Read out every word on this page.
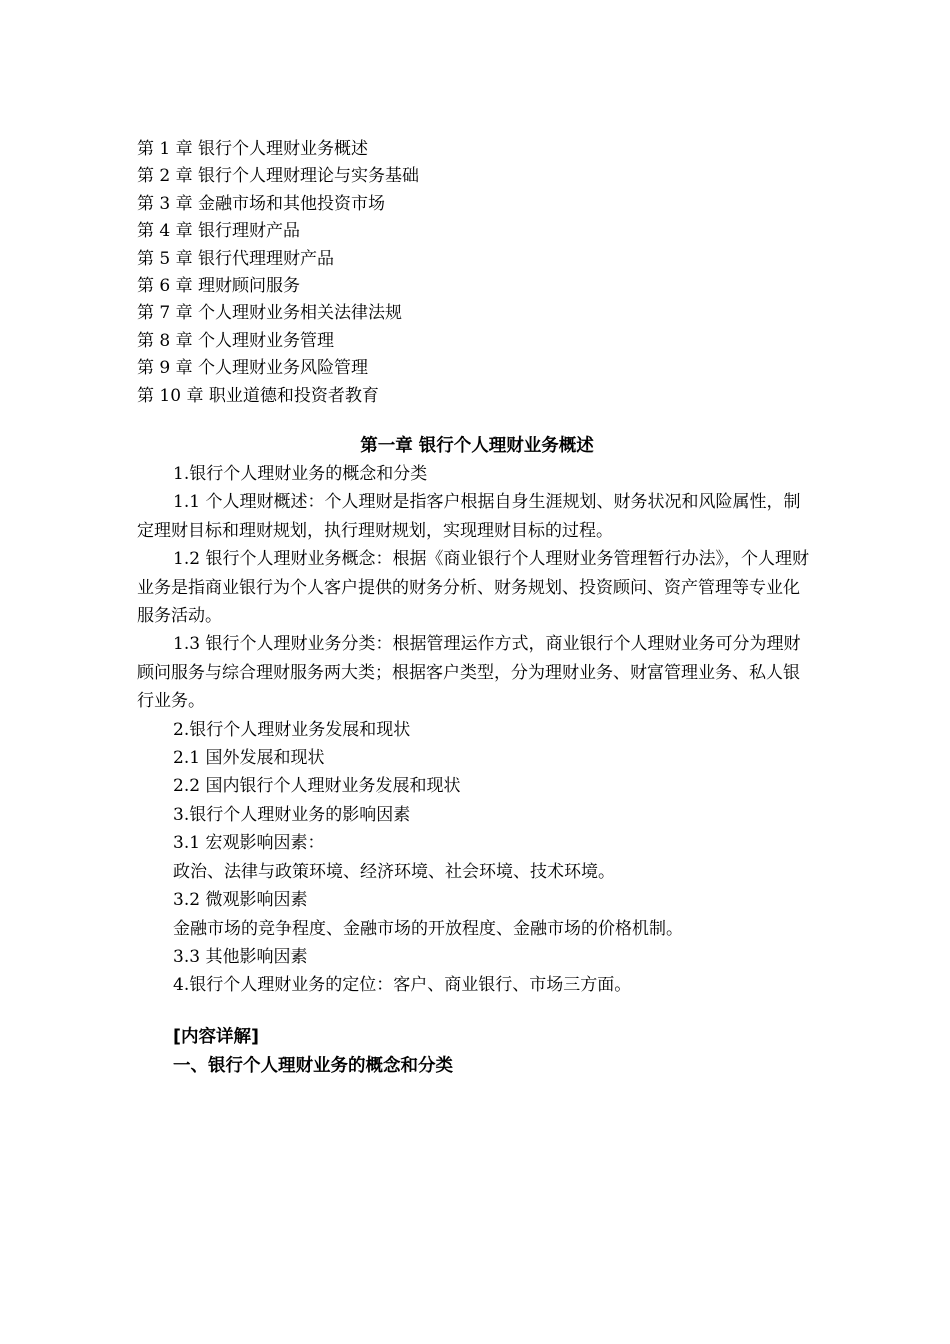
第 1 章 银行个人理财业务概述
第 2 章 银行个人理财理论与实务基础
第 3 章 金融市场和其他投资市场
第 4 章 银行理财产品
第 5 章 银行代理理财产品
第 6 章 理财顾问服务
第 7 章 个人理财业务相关法律法规
第 8 章 个人理财业务管理
第 9 章 个人理财业务风险管理
第 10 章 职业道德和投资者教育
第一章 银行个人理财业务概述

1.银行个人理财业务的概念和分类

1.1 个人理财概述：个人理财是指客户根据自身生涯规划、财务状况和风险属性，制定理财目标和理财规划，执行理财规划，实现理财目标的过程。

1.2 银行个人理财业务概念：根据《商业银行个人理财业务管理暂行办法》，个人理财业务是指商业银行为个人客户提供的财务分析、财务规划、投资顾问、资产管理等专业化服务活动。

1.3 银行个人理财业务分类：根据管理运作方式，商业银行个人理财业务可分为理财顾问服务与综合理财服务两大类；根据客户类型，分为理财业务、财富管理业务、私人银行业务。

2.银行个人理财业务发展和现状

2.1 国外发展和现状

2.2 国内银行个人理财业务发展和现状

3.银行个人理财业务的影响因素

3.1 宏观影响因素：

政治、法律与政策环境、经济环境、社会环境、技术环境。

3.2 微观影响因素

金融市场的竞争程度、金融市场的开放程度、金融市场的价格机制。

3.3 其他影响因素

4.银行个人理财业务的定位：客户、商业银行、市场三方面。

[内容详解]
一、银行个人理财业务的概念和分类
